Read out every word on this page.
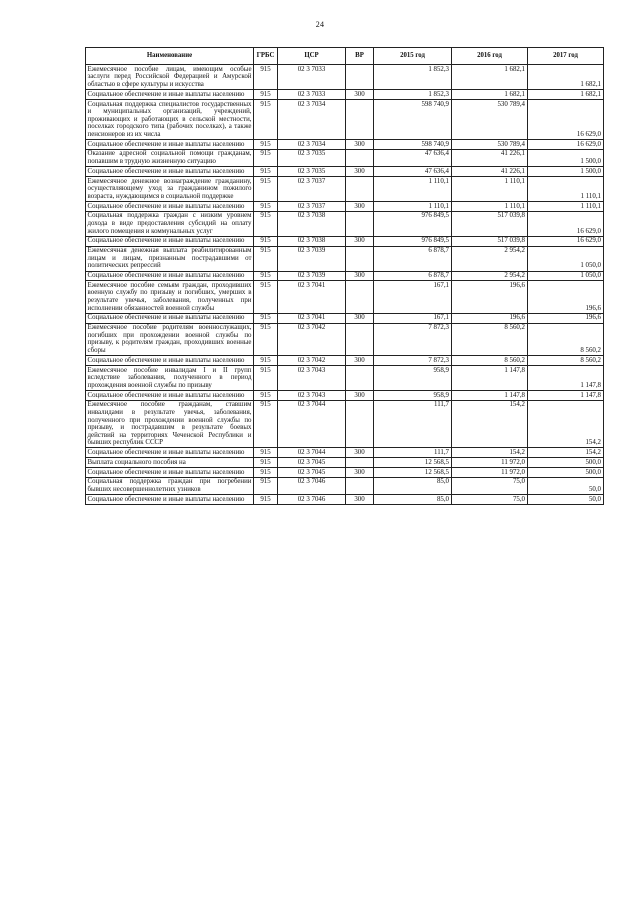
24
Наименование	ГРБС	ЦСР	ВР	2015 год	2016 год	2017 год
Ежемесячное пособие лицам, имеющим особые заслуги перед Российской Федерацией и Амурской областью в сфере культуры и искусства	915	02 3 7033		1 852,3	1 682,1	1 682,1
Социальное обеспечение и иные выплаты населению	915	02 3 7033	300	1 852,3	1 682,1	1 682,1
Социальная поддержка специалистов государственных и муниципальных организаций, учреждений, проживающих и работающих в сельской местности, поселках городского типа (рабочих поселках), а также пенсионеров из их числа	915	02 3 7034		598 740,9	530 789,4	16 629,0
Социальное обеспечение и иные выплаты населению	915	02 3 7034	300	598 740,9	530 789,4	16 629,0
Оказание адресной социальной помощи гражданам, попавшим в трудную жизненную ситуацию	915	02 3 7035		47 636,4	41 226,1	1 500,0
Социальное обеспечение и иные выплаты населению	915	02 3 7035	300	47 636,4	41 226,1	1 500,0
Ежемесячное денежное вознаграждение гражданину, осуществляющему уход за гражданином пожилого возраста, нуждающимся в социальной поддержке	915	02 3 7037		1 110,1	1 110,1	1 110,1
Социальное обеспечение и иные выплаты населению	915	02 3 7037	300	1 110,1	1 110,1	1 110,1
Социальная поддержка граждан с низким уровнем дохода в виде предоставления субсидий на оплату жилого помещения и коммунальных услуг	915	02 3 7038		976 849,5	517 039,8	16 629,0
Социальное обеспечение и иные выплаты населению	915	02 3 7038	300	976 849,5	517 039,8	16 629,0
Ежемесячная денежная выплата реабилитированным лицам и лицам, признанным пострадавшими от политических репрессий	915	02 3 7039		6 878,7	2 954,2	1 050,0
Социальное обеспечение и иные выплаты населению	915	02 3 7039	300	6 878,7	2 954,2	1 050,0
Ежемесячное пособие семьям граждан, проходивших военную службу по призыву и погибших, умерших в результате увечья, заболевания, полученных при исполнении обязанностей военной службы	915	02 3 7041		167,1	196,6	196,6
Социальное обеспечение и иные выплаты населению	915	02 3 7041	300	167,1	196,6	196,6
Ежемесячное пособие родителям военнослужащих, погибших при прохождении военной службы по призыву, к родителям граждан, проходивших военные сборы	915	02 3 7042		7 872,3	8 560,2	8 560,2
Социальное обеспечение и иные выплаты населению	915	02 3 7042	300	7 872,3	8 560,2	8 560,2
Ежемесячное пособие инвалидам I и II групп вследствие заболевания, полученного в период прохождения военной службы по призыву	915	02 3 7043		958,9	1 147,8	1 147,8
Социальное обеспечение и иные выплаты населению	915	02 3 7043	300	958,9	1 147,8	1 147,8
Ежемесячное пособие гражданам, ставшим инвалидами в результате увечья, заболевания, полученного при прохождении военной службы по призыву, и пострадавшим в результате боевых действий на территориях Чеченской Республики и бывших республик СССР	915	02 3 7044		111,7	154,2	154,2
Социальное обеспечение и иные выплаты населению	915	02 3 7044	300	111,7	154,2	154,2
Выплата социального пособия на	915	02 3 7045		12 568,5	11 972,0	500,0
Социальное обеспечение и иные выплаты населению	915	02 3 7045	300	12 568,5	11 972,0	500,0
Социальная поддержка граждан при погребении бывших несовершеннолетних узников	915	02 3 7046		85,0	75,0	50,0
Социальное обеспечение и иные выплаты населению	915	02 3 7046	300	85,0	75,0	50,0
